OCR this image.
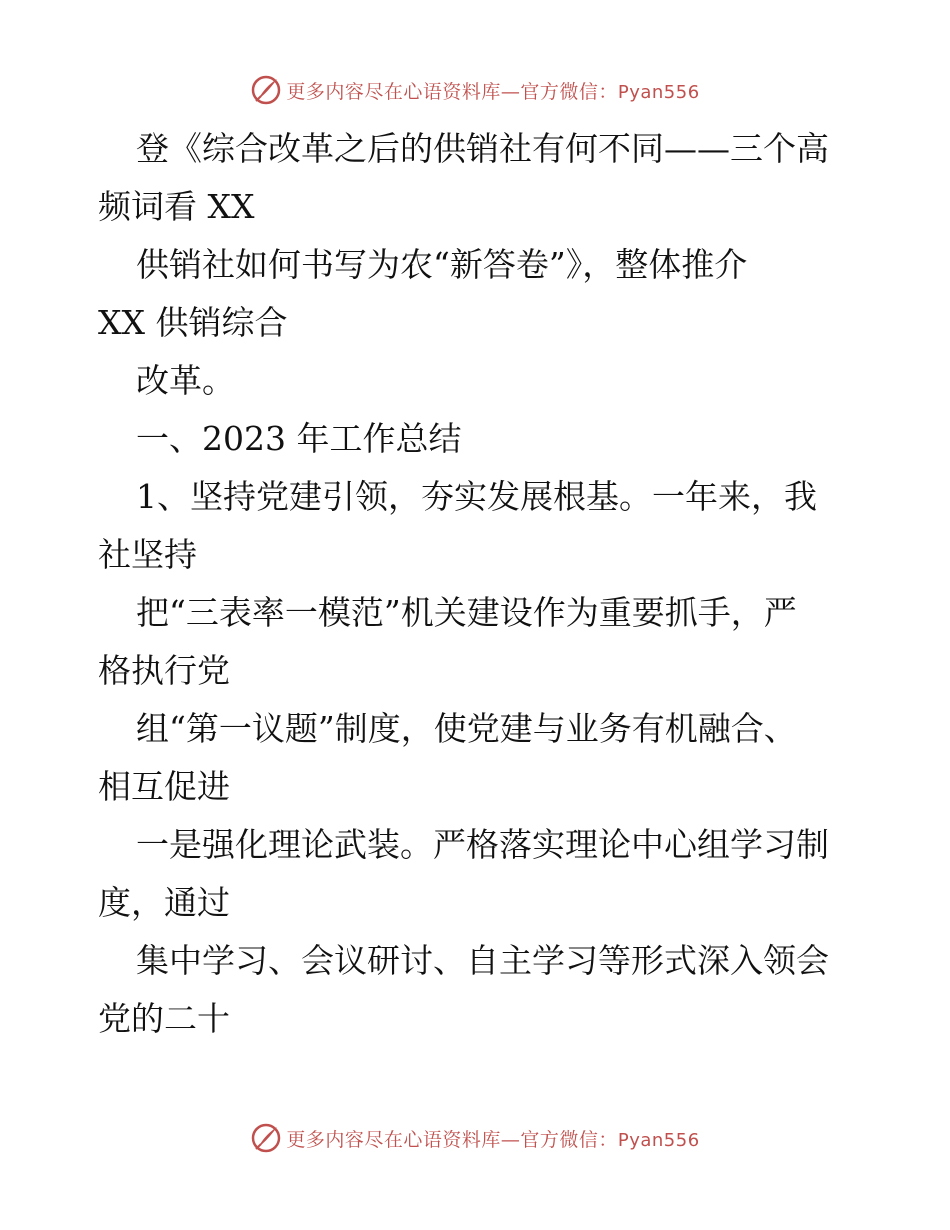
更多内容尽在心语资料库—官方微信：Pyan556
登《综合改革之后的供销社有何不同——三个高
频词看 XX
供销社如何书写为农“新答卷”》，整体推介
XX 供销综合
改革。
一、2023 年工作总结
1、坚持党建引领，夯实发展根基。一年来，我
社坚持
把“三表率一模范”机关建设作为重要抓手，严
格执行党
组“第一议题”制度，使党建与业务有机融合、
相互促进
一是强化理论武装。严格落实理论中心组学习制
度，通过
集中学习、会议研讨、自主学习等形式深入领会
党的二十
更多内容尽在心语资料库—官方微信：Pyan556
